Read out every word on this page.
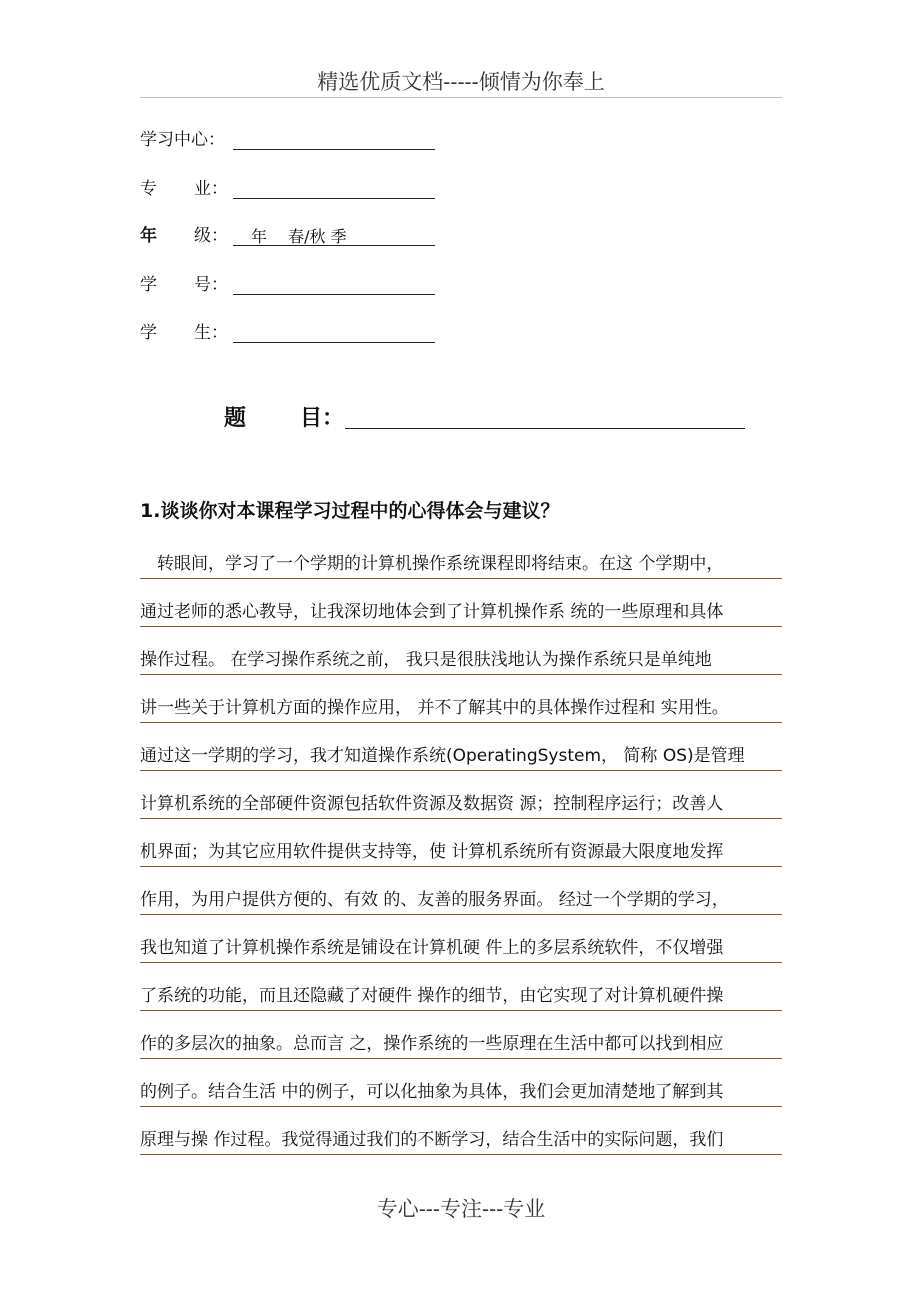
精选优质文档-----倾情为你奉上
学习中心：
专	业：
年	级：	年　 春/秋 季
学	号：
学	生：
题	目：
1.谈谈你对本课程学习过程中的心得体会与建议？
　转眼间，学习了一个学期的计算机操作系统课程即将结束。在这 个学期中，
通过老师的悉心教导，让我深切地体会到了计算机操作系 统的一些原理和具体
操作过程。 在学习操作系统之前， 我只是很肤浅地认为操作系统只是单纯地
讲一些关于计算机方面的操作应用， 并不了解其中的具体操作过程和 实用性。
通过这一学期的学习，我才知道操作系统(OperatingSystem， 简称 OS)是管理
计算机系统的全部硬件资源包括软件资源及数据资 源；控制程序运行；改善人
机界面；为其它应用软件提供支持等，使 计算机系统所有资源最大限度地发挥
作用，为用户提供方便的、有效 的、友善的服务界面。 经过一个学期的学习，
我也知道了计算机操作系统是铺设在计算机硬 件上的多层系统软件，不仅增强
了系统的功能，而且还隐藏了对硬件 操作的细节，由它实现了对计算机硬件操
作的多层次的抽象。总而言 之，操作系统的一些原理在生活中都可以找到相应
的例子。结合生活 中的例子，可以化抽象为具体，我们会更加清楚地了解到其
原理与操 作过程。我觉得通过我们的不断学习，结合生活中的实际问题，我们
专心---专注---专业
